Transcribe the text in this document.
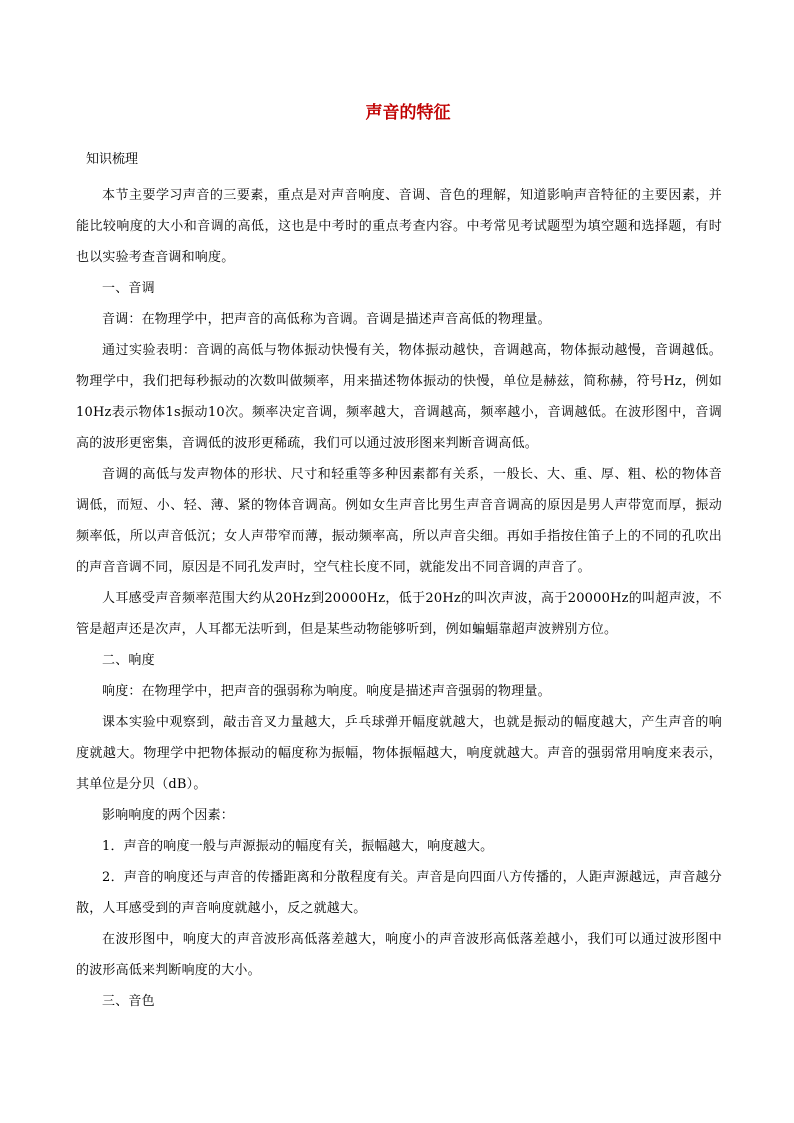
声音的特征
知识梳理

本节主要学习声音的三要素，重点是对声音响度、音调、音色的理解，知道影响声音特征的主要因素，并能比较响度的大小和音调的高低，这也是中考时的重点考查内容。中考常见考试题型为填空题和选择题，有时也以实验考查音调和响度。

一、音调

音调：在物理学中，把声音的高低称为音调。音调是描述声音高低的物理量。

通过实验表明：音调的高低与物体振动快慢有关，物体振动越快，音调越高，物体振动越慢，音调越低。物理学中，我们把每秒振动的次数叫做频率，用来描述物体振动的快慢，单位是赫兹，简称赫，符号Hz，例如10Hz表示物体1s振动10次。频率决定音调，频率越大，音调越高，频率越小，音调越低。在波形图中，音调高的波形更密集，音调低的波形更稀疏，我们可以通过波形图来判断音调高低。

音调的高低与发声物体的形状、尺寸和轻重等多种因素都有关系，一般长、大、重、厚、粗、松的物体音调低，而短、小、轻、薄、紧的物体音调高。例如女生声音比男生声音音调高的原因是男人声带宽而厚，振动频率低，所以声音低沉；女人声带窄而薄，振动频率高，所以声音尖细。再如手指按住笛子上的不同的孔吹出的声音音调不同，原因是不同孔发声时，空气柱长度不同，就能发出不同音调的声音了。

人耳感受声音频率范围大约从20Hz到20000Hz，低于20Hz的叫次声波，高于20000Hz的叫超声波，不管是超声还是次声，人耳都无法听到，但是某些动物能够听到，例如蝙蝠靠超声波辨别方位。

二、响度

响度：在物理学中，把声音的强弱称为响度。响度是描述声音强弱的物理量。

课本实验中观察到，敲击音叉力量越大，乒乓球弹开幅度就越大，也就是振动的幅度越大，产生声音的响度就越大。物理学中把物体振动的幅度称为振幅，物体振幅越大，响度就越大。声音的强弱常用响度来表示，其单位是分贝（dB）。

影响响度的两个因素：

1．声音的响度一般与声源振动的幅度有关，振幅越大，响度越大。

2．声音的响度还与声音的传播距离和分散程度有关。声音是向四面八方传播的，人距声源越远，声音越分散，人耳感受到的声音响度就越小，反之就越大。

在波形图中，响度大的声音波形高低落差越大，响度小的声音波形高低落差越小，我们可以通过波形图中的波形高低来判断响度的大小。

三、音色
